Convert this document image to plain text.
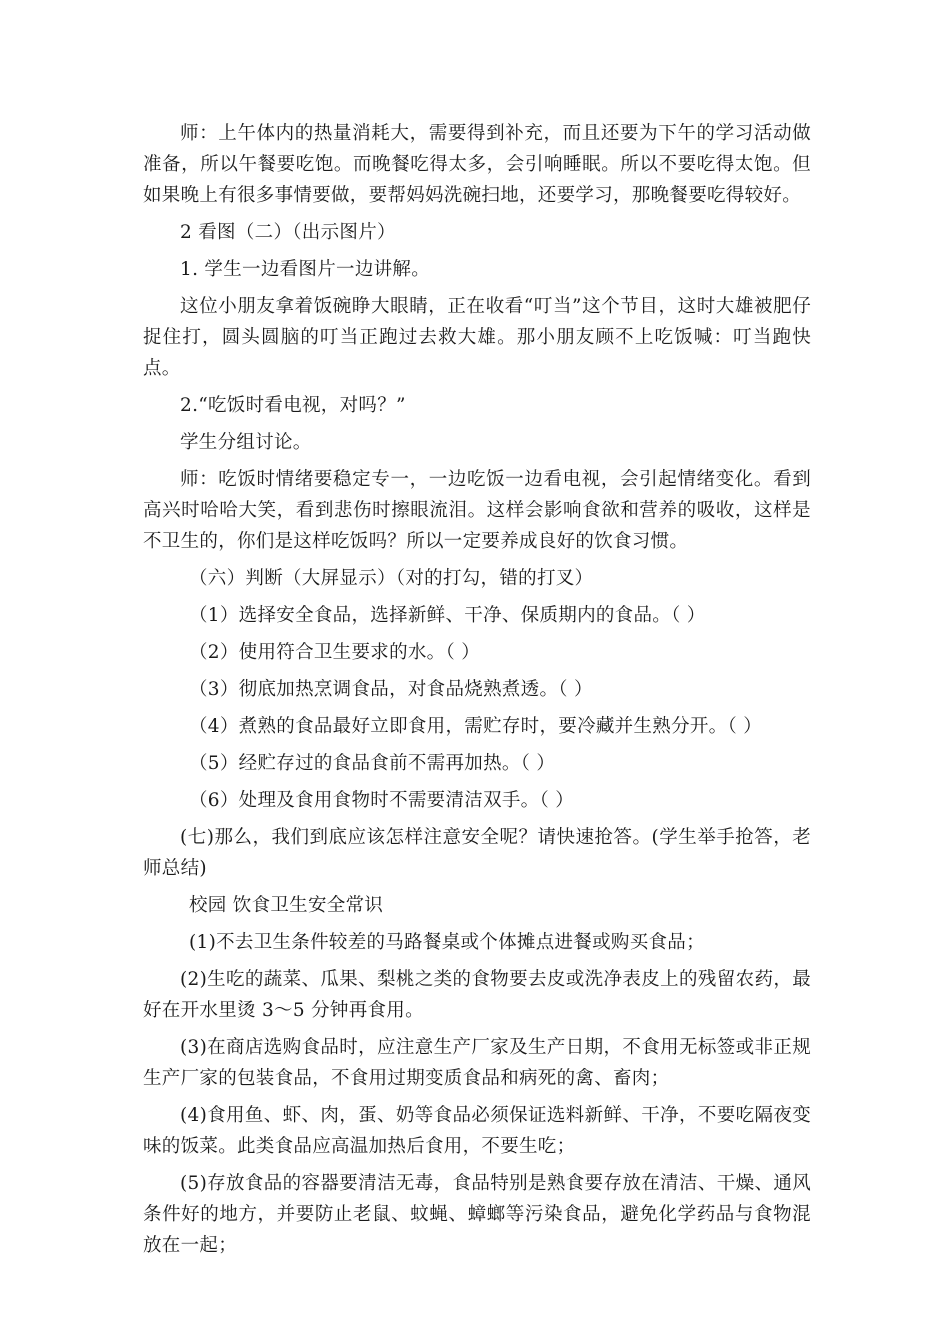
师：上午体内的热量消耗大，需要得到补充，而且还要为下午的学习活动做准备，所以午餐要吃饱。而晚餐吃得太多，会引响睡眠。所以不要吃得太饱。但如果晚上有很多事情要做，要帮妈妈洗碗扫地，还要学习，那晚餐要吃得较好。

2 看图（二）（出示图片）

1. 学生一边看图片一边讲解。

这位小朋友拿着饭碗睁大眼睛，正在收看“叮当”这个节目，这时大雄被肥仔捉住打，圆头圆脑的叮当正跑过去救大雄。那小朋友顾不上吃饭喊：叮当跑快点。

2.“吃饭时看电视，对吗？”

学生分组讨论。

师：吃饭时情绪要稳定专一，一边吃饭一边看电视，会引起情绪变化。看到高兴时哈哈大笑，看到悲伤时擦眼流泪。这样会影响食欲和营养的吸收，这样是不卫生的，你们是这样吃饭吗？所以一定要养成良好的饮食习惯。

（六）判断（大屏显示）（对的打勾，错的打叉）

（1）选择安全食品，选择新鲜、干净、保质期内的食品。（ ）

（2）使用符合卫生要求的水。（ ）

（3）彻底加热烹调食品，对食品烧熟煮透。（ ）

（4）煮熟的食品最好立即食用，需贮存时，要冷藏并生熟分开。（ ）

（5）经贮存过的食品食前不需再加热。（ ）

（6）处理及食用食物时不需要清洁双手。（ ）

(七)那么，我们到底应该怎样注意安全呢？请快速抢答。(学生举手抢答，老师总结)

校园 饮食卫生安全常识

(1)不去卫生条件较差的马路餐桌或个体摊点进餐或购买食品；

(2)生吃的蔬菜、瓜果、梨桃之类的食物要去皮或洗净表皮上的残留农药，最好在开水里烫 3～5 分钟再食用。

(3)在商店选购食品时，应注意生产厂家及生产日期，不食用无标签或非正规生产厂家的包装食品，不食用过期变质食品和病死的禽、畜肉；

(4)食用鱼、虾、肉，蛋、奶等食品必须保证选料新鲜、干净，不要吃隔夜变味的饭菜。此类食品应高温加热后食用，不要生吃；

(5)存放食品的容器要清洁无毒，食品特别是熟食要存放在清洁、干燥、通风条件好的地方，并要防止老鼠、蚊蝇、蟑螂等污染食品，避免化学药品与食物混放在一起；
